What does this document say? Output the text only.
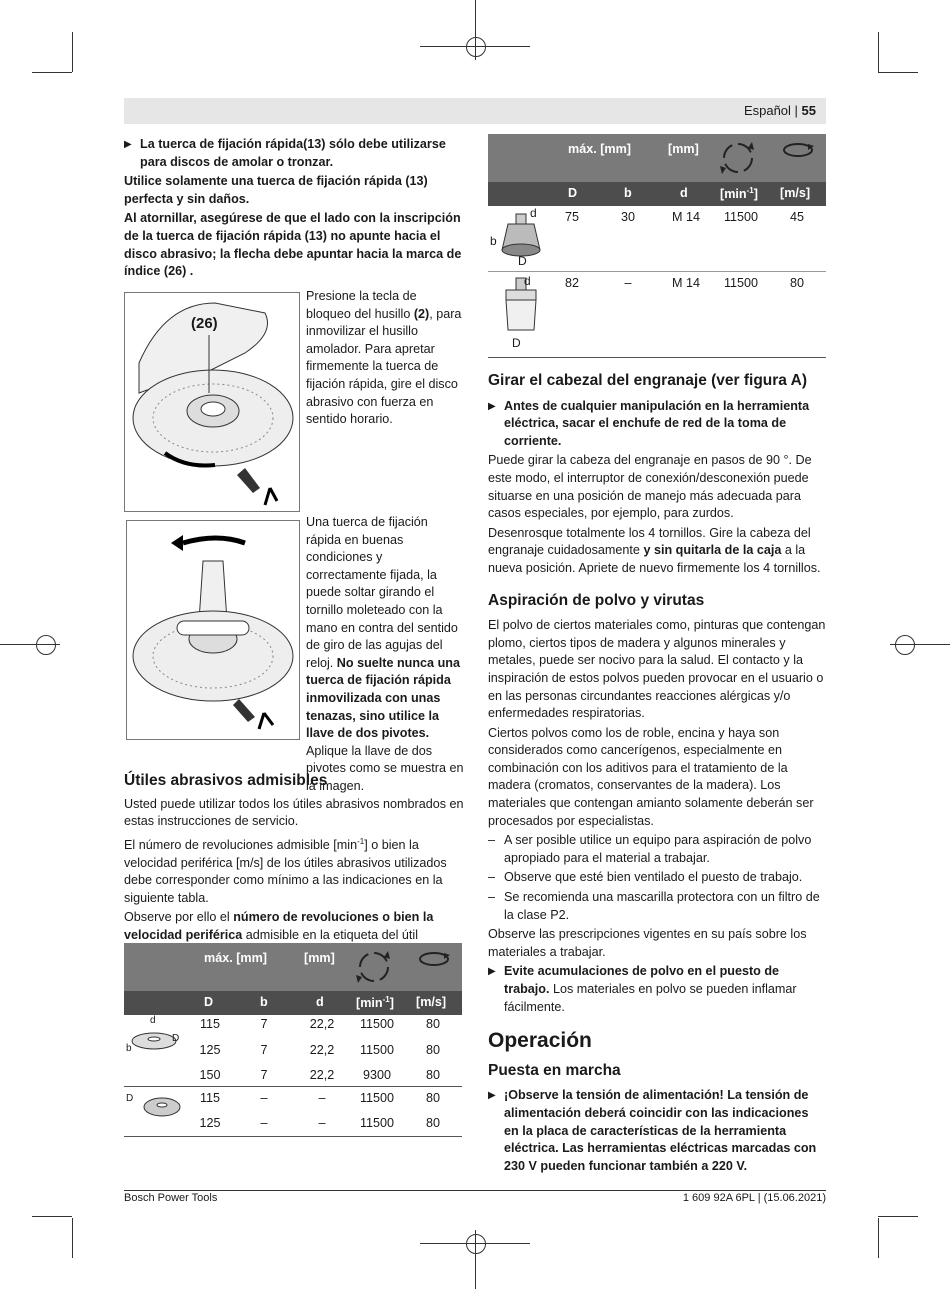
Español | 55

▶ La tuerca de fijación rápida(13) sólo debe utilizarse para discos de amolar o tronzar.

Utilice solamente una tuerca de fijación rápida (13) perfecta y sin daños.

Al atornillar, asegúrese de que el lado con la inscripción de la tuerca de fijación rápida (13) no apunte hacia el disco abrasivo; la flecha debe apuntar hacia la marca de índice (26) .

(26)

Presione la tecla de bloqueo del husillo (2), para inmovilizar el husillo amolador. Para apretar firmemente la tuerca de fijación rápida, gire el disco abrasivo con fuerza en sentido horario.

Una tuerca de fijación rápida en buenas condiciones y correctamente fijada, la puede soltar girando el tornillo moleteado con la mano en contra del sentido de giro de las agujas del reloj. No suelte nunca una tuerca de fijación rápida inmovilizada con unas tenazas, sino utilice la llave de dos pivotes. Aplique la llave de dos pivotes como se muestra en la imagen.

Útiles abrasivos admisibles

Usted puede utilizar todos los útiles abrasivos nombrados en estas instrucciones de servicio.

El número de revoluciones admisible $[\min^{-1}]$ o bien la velocidad periférica [m/s] de los útiles abrasivos utilizados debe corresponder como mínimo a las indicaciones en la siguiente tabla.

Observe por ello el número de revoluciones o bien la velocidad periférica admisible en la etiqueta del útil

máx. [mm]	[mm]
D	b	d	$[\min^{-1}]$ [m/s]
d
b
D
115	7	22,2	11500	80
125	7	22,2	11500	80
150	7	22,2	9300	80
D	115	–	–	11500	80
125	–	–	11500	80
máx. [mm]	[mm]
D	b	d	$[\min^{-1}]$ [m/s]
d
b
D
75	30	M 14	11500	45
d
D
82	–	M 14	11500	80
Girar el cabezal del engranaje (ver figura A)

▶ Antes de cualquier manipulación en la herramienta eléctrica, sacar el enchufe de red de la toma de corriente.

Puede girar la cabeza del engranaje en pasos de 90 °. De este modo, el interruptor de conexión/desconexión puede situarse en una posición de manejo más adecuada para casos especiales, por ejemplo, para zurdos.

Desenrosque totalmente los 4 tornillos. Gire la cabeza del engranaje cuidadosamente y sin quitarla de la caja a la nueva posición. Apriete de nuevo firmemente los 4 tornillos.

Aspiración de polvo y virutas

El polvo de ciertos materiales como, pinturas que contengan plomo, ciertos tipos de madera y algunos minerales y metales, puede ser nocivo para la salud. El contacto y la inspiración de estos polvos pueden provocar en el usuario o en las personas circundantes reacciones alérgicas y/o enfermedades respiratorias.

Ciertos polvos como los de roble, encina y haya son considerados como cancerígenos, especialmente en combinación con los aditivos para el tratamiento de la madera (cromatos, conservantes de la madera). Los materiales que contengan amianto solamente deberán ser procesados por especialistas.

– A ser posible utilice un equipo para aspiración de polvo apropiado para el material a trabajar.

– Observe que esté bien ventilado el puesto de trabajo.

– Se recomienda una mascarilla protectora con un filtro de la clase P2.

Observe las prescripciones vigentes en su país sobre los materiales a trabajar.

▶ Evite acumulaciones de polvo en el puesto de trabajo. Los materiales en polvo se pueden inflamar fácilmente.

Operación
Puesta en marcha

▶ ¡Observe la tensión de alimentación! La tensión de alimentación deberá coincidir con las indicaciones en la placa de características de la herramienta eléctrica. Las herramientas eléctricas marcadas con 230 V pueden funcionar también a 220 V.

Bosch Power Tools	1 609 92A 6PL | (15.06.2021)
